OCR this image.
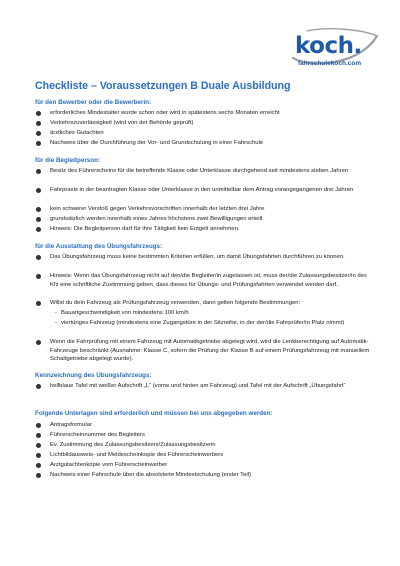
koch.
fahrschulekoch.com
Checkliste – Voraussetzungen B Duale Ausbildung
für den Bewerber oder die Bewerberin:
erforderliches Mindestalter wurde schon oder wird in spätestens sechs Monaten erreicht
Verkehrszuverlässigkeit (wird von der Behörde geprüft)
ärztliches Gutachten
Nachweis über die Durchführung der Vor- und Grundschulung in einer Fahrschule
für die Begleitperson:
Besitz des Führerscheins für die betreffende Klasse oder Unterklasse durchgehend seit mindestens sieben Jahren
Fahrpraxis in der beantragten Klasse oder Unterklasse in den unmittelbar dem Antrag vorangegangenen drei Jahren
kein schwerer Verstoß gegen Verkehrsvorschriften innerhalb der letzten drei Jahre
grundsätzlich werden innerhalb eines Jahres höchstens zwei Bewilligungen erteilt
Hinweis: Die Begleitperson darf für ihre Tätigkeit kein Entgelt annehmen.
für die Ausstattung des Übungsfahrzeugs:
Das Übungsfahrzeug muss keine bestimmten Kriterien erfüllen, um damit Übungsfahrten durchführen zu können.
Hinweis: Wenn das Übungsfahrzeug nicht auf den/die Begleiter/in zugelassen ist, muss der/die Zulassungsbesitzer/in des Kfz eine schriftliche Zustimmung geben, dass dieses für Übungs- und Prüfungsfahrten verwendet werden darf.
Willst du dein Fahrzeug als Prüfungsfahrzeug verwenden, dann gelten folgende Bestimmungen:
- Bauartgeschwindigkeit von mindestens 100 km/h
- viertüriges Fahrzeug (mindestens eine Zugangstüre in der Sitzreihe, in der der/die Fahrprüfer/in Platz nimmt)
Wenn die Fahrprüfung mit einem Fahrzeug mit Automatikgetriebe abgelegt wird, wird die Lenkberechtigung auf Automatik- Fahrzeuge beschränkt (Ausnahme: Klasse C, sofern die Prüfung der Klasse B auf einem Prüfungsfahrzeug mit manuellem Schaltgetriebe abgelegt wurde).
Kennzeichnung des Übungsfahrzeugs:
hellblaue Tafel mit weißer Aufschrift „L“ (vorne und hinten am Fahrzeug) und Tafel mit der Aufschrift „Übungsfahrt“
Folgende Unterlagen sind erforderlich und müssen bei uns abgegeben werden:
Antragsformular
Führerscheinnummer des Begleiters
Ev. Zustimmung des Zulassungsbesitzers/Zulassungsbesitzerin
Lichtbildausweis- und Meldescheinkopie des Führerscheinwerbers
Arztgutachtenkopie vom Führerscheinwerber
Nachweis einer Fahrschule über die absolvierte Mindestschulung (erster Teil)
